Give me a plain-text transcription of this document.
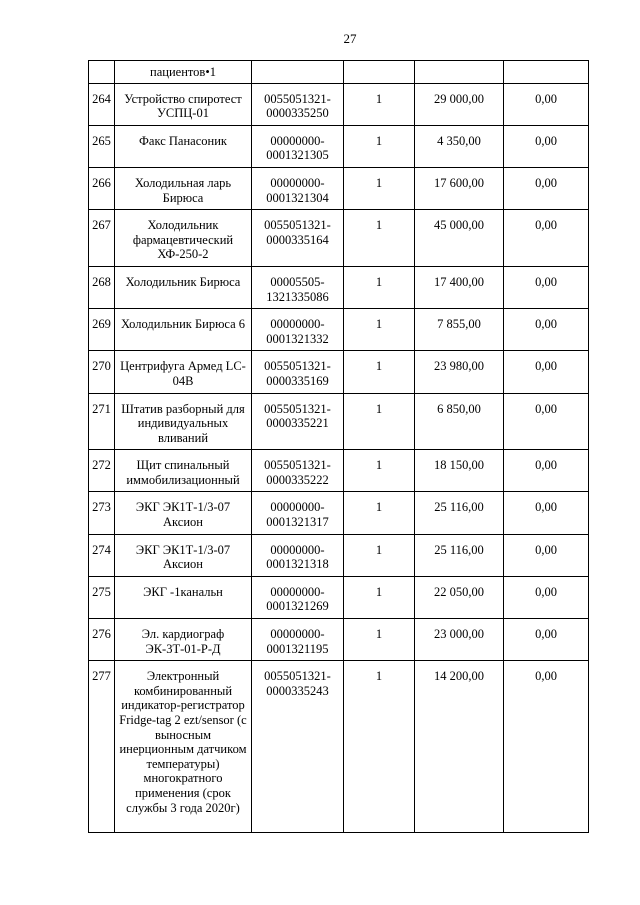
27
	пациентов•1				
264	Устройство спиротест УСПЦ-01	0055051321-0000335250	1	29 000,00	0,00
265	Факс Панасоник	00000000-0001321305	1	4 350,00	0,00
266	Холодильная ларь Бирюса	00000000-0001321304	1	17 600,00	0,00
267	Холодильник фармацевтический ХФ-250-2	0055051321-0000335164	1	45 000,00	0,00
268	Холодильник Бирюса	00005505-1321335086	1	17 400,00	0,00
269	Холодильник Бирюса 6	00000000-0001321332	1	7 855,00	0,00
270	Центрифуга Армед LC-04B	0055051321-0000335169	1	23 980,00	0,00
271	Штатив разборный для индивидуальных вливаний	0055051321-0000335221	1	6 850,00	0,00
272	Щит спинальный иммобилизационный	0055051321-0000335222	1	18 150,00	0,00
273	ЭКГ ЭК1Т-1/3-07 Аксион	00000000-0001321317	1	25 116,00	0,00
274	ЭКГ ЭК1Т-1/3-07 Аксион	00000000-0001321318	1	25 116,00	0,00
275	ЭКГ -1канальн	00000000-0001321269	1	22 050,00	0,00
276	Эл. кардиограф ЭК-3Т-01-Р-Д	00000000-0001321195	1	23 000,00	0,00
277	Электронный комбинированный индикатор-регистратор Fridge-tag 2 ezt/sensor (с выносным инерционным датчиком температуры) многократного применения (срок службы 3 года 2020г)	0055051321-0000335243	1	14 200,00	0,00
